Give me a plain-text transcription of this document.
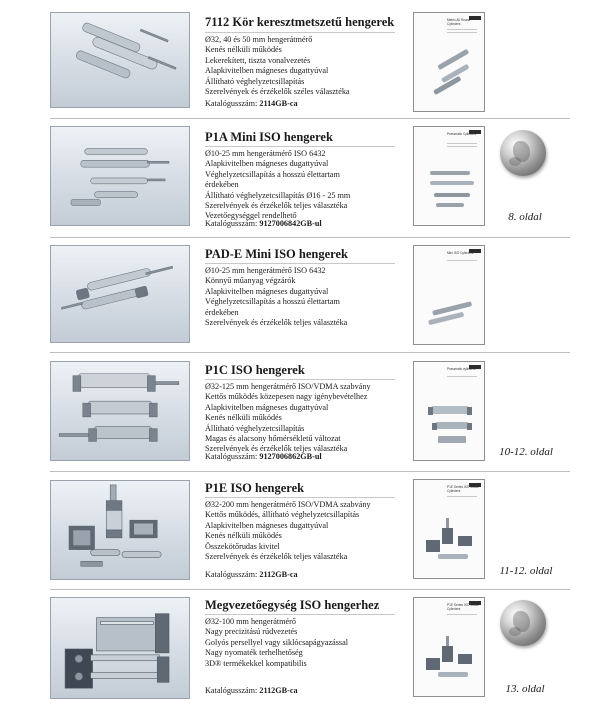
7112 Kör keresztmetszetű hengerek
Ø32, 40 és 50 mm hengerátmérő
Kenés nélküli működés
Lekerekített, tiszta vonalvezetés
Alapkivitelben mágneses dugattyúval
Állítható véghelyzetcsillapítás
Szerelvények és érzékelők széles választéka
Katalógusszám: 2114GB-ca
Metric All Round Cylinders
P1A Mini ISO hengerek
Ø10-25 mm hengerátmérő ISO 6432
Alapkivitelben mágneses dugattyúval
Véghelyzetcsillapítás a hosszú élettartam
érdekében
Állítható véghelyzetcsillapítás Ø16 - 25 mm
Szerelvények és érzékelők teljes választéka
Vezetőegységgel rendelhető
Katalógusszám: 9127006842GB-ul
Pneumatic Cylinders
8. oldal
PAD-E Mini ISO hengerek
Ø10-25 mm hengerátmérő ISO 6432
Könnyű műanyag végzárók
Alapkivitelben mágneses dugattyúval
Véghelyzetcsillapítás a hosszú élettartam
érdekében
Szerelvények és érzékelők teljes választéka
Mini ISO Cylinders
P1C ISO hengerek
Ø32-125 mm hengerátmérő ISO/VDMA szabvány
Kettős működés közepesen nagy igénybevételhez
Alapkivitelben mágneses dugattyúval
Kenés nélküli működés
Állítható véghelyzetcsillapítás
Magas és alacsony hőmérsékletű változat
Szerelvények és érzékelők teljes választéka
Katalógusszám: 9127006862GB-ul
Pneumatic cylinders
10-12. oldal
P1E ISO hengerek
Ø32-200 mm hengerátmérő ISO/VDMA szabvány
Kettős működés, állítható véghelyzetcsillapítás
Alapkivitelben mágneses dugattyúval
Kenés nélküli működés
Összekötőrudas kivitel
Szerelvények és érzékelők teljes választéka
Katalógusszám: 2112GB-ca
P1E Series ISO 15552 Cylinders
11-12. oldal
Megvezetőegység ISO hengerhez
Ø32-100 mm hengerátmérő
Nagy precizitású rúdvezetés
Golyós persellyel vagy siklócsapágyazással
Nagy nyomaték terhelhetőség
3D® termékekkel kompatibilis
Katalógusszám: 2112GB-ca
P1E Series ISO 15552 Cylinders
13. oldal
